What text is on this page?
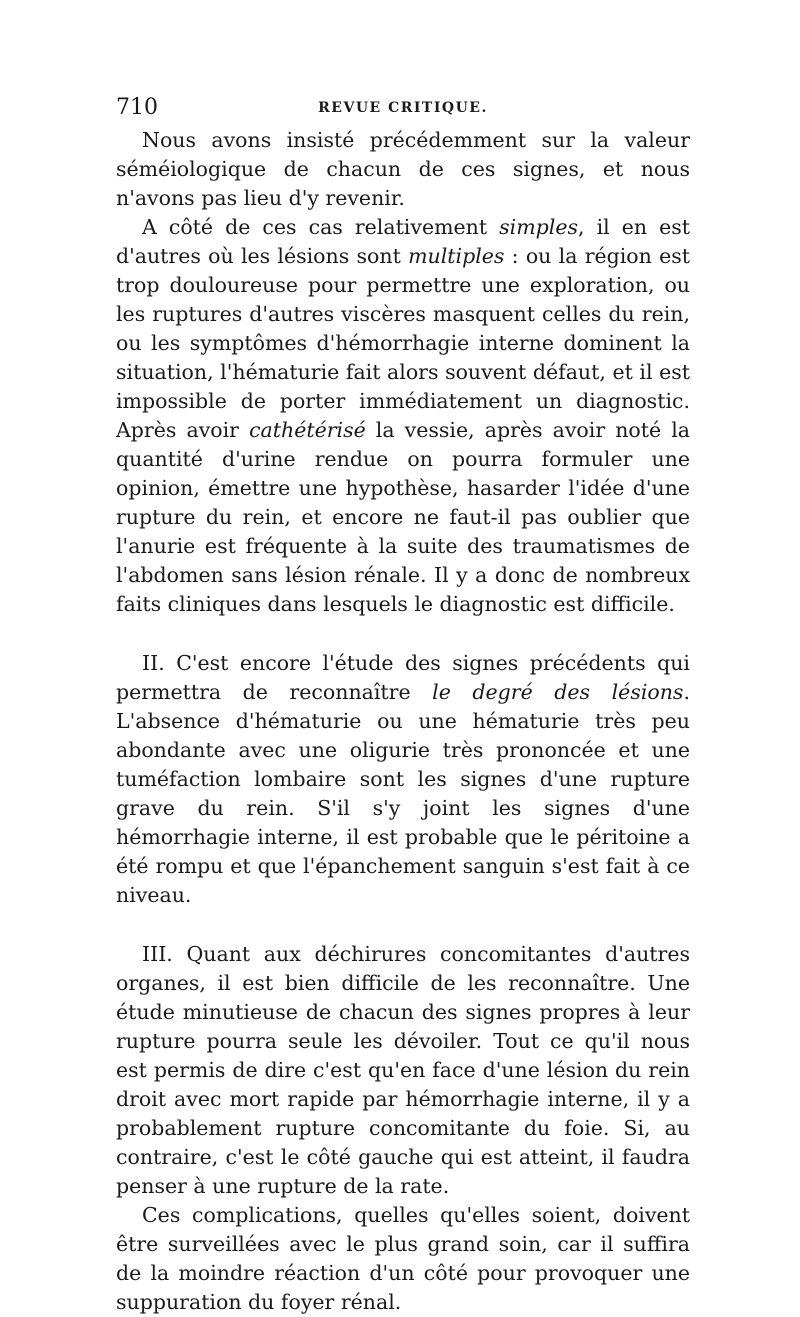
710	REVUE CRITIQUE.

Nous avons insisté précédemment sur la valeur séméiologique de chacun de ces signes, et nous n'avons pas lieu d'y revenir.

A côté de ces cas relativement simples, il en est d'autres où les lésions sont multiples : ou la région est trop douloureuse pour permettre une exploration, ou les ruptures d'autres viscères masquent celles du rein, ou les symptômes d'hémorrhagie interne dominent la situation, l'hématurie fait alors souvent défaut, et il est impossible de porter immédiatement un diagnostic. Après avoir cathétérisé la vessie, après avoir noté la quantité d'urine rendue on pourra formuler une opinion, émettre une hypothèse, hasarder l'idée d'une rupture du rein, et encore ne faut-il pas oublier que l'anurie est fréquente à la suite des traumatismes de l'abdomen sans lésion rénale. Il y a donc de nombreux faits cliniques dans lesquels le diagnostic est difficile.

II. C'est encore l'étude des signes précédents qui permettra de reconnaître le degré des lésions. L'absence d'hématurie ou une hématurie très peu abondante avec une oligurie très prononcée et une tuméfaction lombaire sont les signes d'une rupture grave du rein. S'il s'y joint les signes d'une hémorrhagie interne, il est probable que le péritoine a été rompu et que l'épanchement sanguin s'est fait à ce niveau.

III. Quant aux déchirures concomitantes d'autres organes, il est bien difficile de les reconnaître. Une étude minutieuse de chacun des signes propres à leur rupture pourra seule les dévoiler. Tout ce qu'il nous est permis de dire c'est qu'en face d'une lésion du rein droit avec mort rapide par hémorrhagie interne, il y a probablement rupture concomitante du foie. Si, au contraire, c'est le côté gauche qui est atteint, il faudra penser à une rupture de la rate.

Ces complications, quelles qu'elles soient, doivent être surveillées avec le plus grand soin, car il suffira de la moindre réaction d'un côté pour provoquer une suppuration du foyer rénal.
